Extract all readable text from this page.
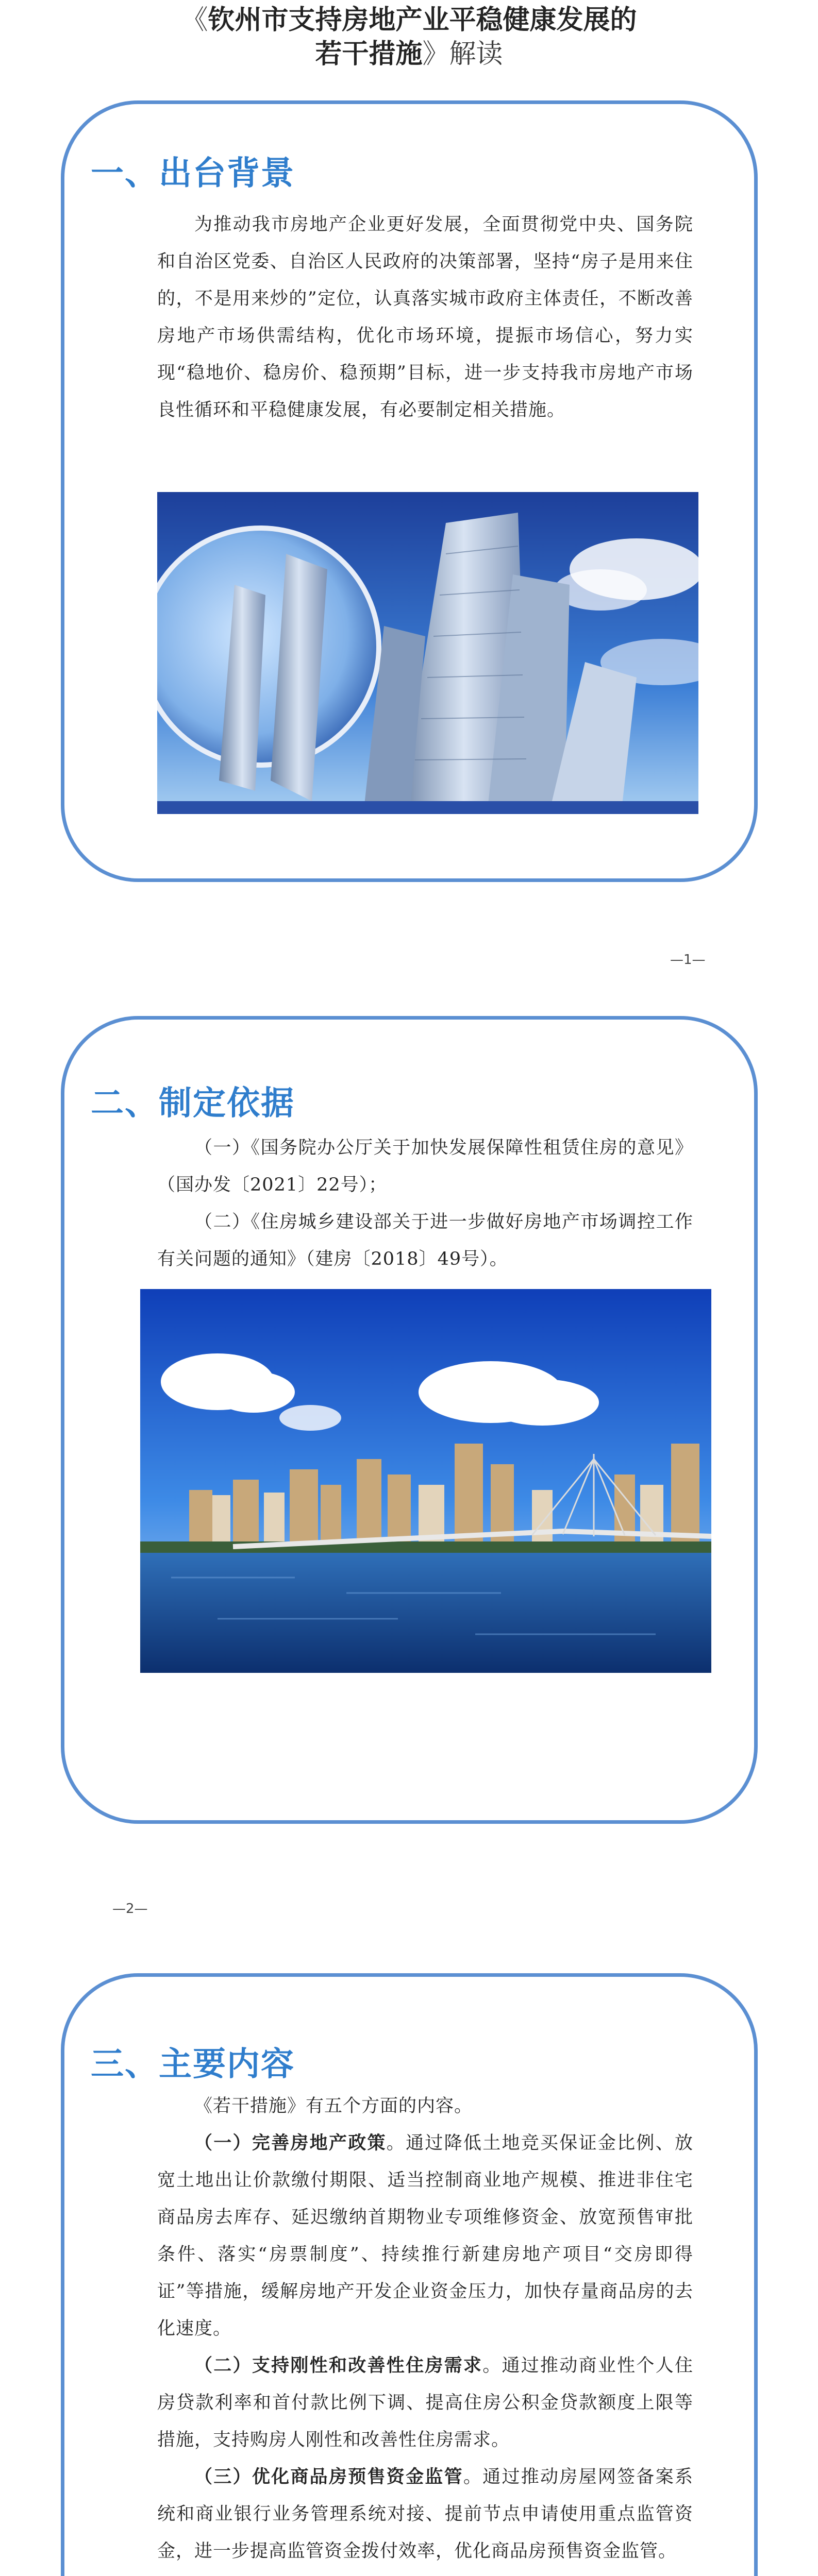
《钦州市支持房地产业平稳健康发展的
若干措施》解读
一、出台背景

为推动我市房地产企业更好发展，全面贯彻党中央、国务院和自治区党委、自治区人民政府的决策部署，坚持“房子是用来住的，不是用来炒的”定位，认真落实城市政府主体责任，不断改善房地产市场供需结构，优化市场环境，提振市场信心，努力实现“稳地价、稳房价、稳预期”目标，进一步支持我市房地产市场良性循环和平稳健康发展，有必要制定相关措施。

—1—
二、制定依据

（一）《国务院办公厅关于加快发展保障性租赁住房的意见》（国办发〔2021〕22号）；

（二）《住房城乡建设部关于进一步做好房地产市场调控工作有关问题的通知》（建房〔2018〕49号）。

—2—
三、主要内容

《若干措施》有五个方面的内容。

（一）完善房地产政策。通过降低土地竞买保证金比例、放宽土地出让价款缴付期限、适当控制商业地产规模、推进非住宅商品房去库存、延迟缴纳首期物业专项维修资金、放宽预售审批条件、落实“房票制度”、持续推行新建房地产项目“交房即得证”等措施，缓解房地产开发企业资金压力，加快存量商品房的去化速度。

（二）支持刚性和改善性住房需求。通过推动商业性个人住房贷款利率和首付款比例下调、提高住房公积金贷款额度上限等措施，支持购房人刚性和改善性住房需求。

（三）优化商品房预售资金监管。通过推动房屋网签备案系统和商业银行业务管理系统对接、提前节点申请使用重点监管资金，进一步提高监管资金拨付效率，优化商品房预售资金监管。
